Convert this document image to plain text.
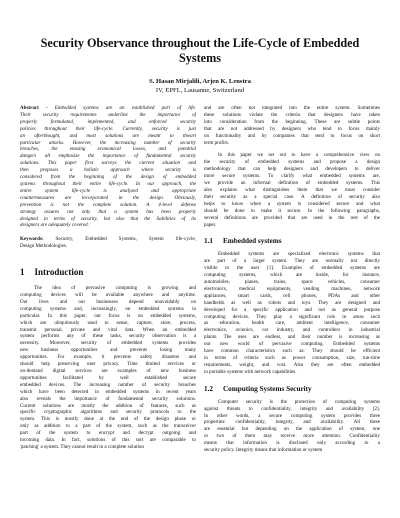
Security Observance throughout the Life-Cycle of Embedded Systems
S. Hasan Mirjalili, Arjen K. Lenstra
IV, EPFL, Lausanne, Switzerland

Abstract - Embedded systems are an established part of life.

Their security requirements underline the importance of

properly formulated, implemented, and enforced security

policies throughout their life-cycle. Currently, security is just

an afterthought, and most solutions are meant to thwart

particular attacks. However, the increasing number of security

breaches, the ensuing economical losses, and potential

dangers all emphasize the importance of fundamental security

solutions. This paper first surveys the current situation and

then proposes a holistic approach where security is

considered from the beginning of the design of embedded

systems throughout their entire life-cycle. In our approach, the

entire system life-cycle is analyzed and appropriate

countermeasures are incorporated in the design. Obviously,

prevention is not the complete solution. A 4-level defense

strategy assures not only that a system has been properly

designed in terms of security, but also that the liabilities of its

designers are adequately covered.

Keywords: Security, Embedded Systems, System life-cycle,

Design Methodologies.

1 Introduction

The idea of pervasive computing is growing and

computing devices will be available anywhere and anytime.

Our lives and our businesses depend unavoidably on

computing systems and, increasingly, on embedded systems in

particular. In this paper, our focus is on embedded systems,

which are ubiquitously used to sense, capture, store, process,

transmit personal, private and vital data. When an embedded

system performs any of these tasks, security observation is a

necessity. Moreover, security of embedded systems provides

new business opportunities and prevents losing many

opportunities. For example, it prevents safety disasters and

should help preserving user privacy. Time limited services or

on-demand digital services are examples of new business

opportunities facilitated by well established secure

embedded devices. The increasing number of security breaches

which have been detected in embedded systems in recent years

also reveals the importance of fundamental security solutions.

Current solutions are mostly the addition of features, such as

specific cryptographic algorithms and security protocols to the

system. This is mostly done at the end of the design phase or

only as addition to a part of the system, such as the transceiver

part of the system to encrypt and decrypt outgoing and

incoming data. In fact, solutions of this sort are comparable to

'patching' a system. They cannot result in a complete solution

and are often not integrated into the entire system. Sometimes

these solutions violate the criteria that designers have taken

into consideration from the beginning. These are subtle points

that are not addressed by designers who tend to focus mainly

on functionality and by companies that tend to focus on short

term profits.

In this paper we set out to have a comprehensive view on

the security of embedded systems and propose a design

methodology that can help designers and developers to deliver

more secure systems. To clarify what embedded systems are,

we provide an informal definition of embedded systems. This

also explains what distinguishes them that we must consider

their security as a special case. A definition of security also

helps to know when a system is considered secure and what

should be done to make it secure. In the following paragraphs,

several definitions are provided that are used in the rest of the

paper.

1.1 Embedded systems

Embedded systems are specialized electronic systems that

are part of a larger system. They are normally not directly

visible to the user [1]. Examples of embedded systems are

computing systems, which are inside, for instance,

automobiles, planes, trains, space vehicles, consumer

electronics, medical equipments, vending machines, network

appliances, smart cards, cell phones, PDAs and other

handhelds as well as robots and toys. They are designed and

developed for a specific application and not as general purpose

computing devices. They play a significant role in areas such

as education, health care, ambient intelligence, consumer

electronics, avionics, car industry, and controllers in industrial

plants. The uses are endless, and their number is increasing as

our new world of pervasive computing. Embedded systems

have common characteristics such as: They should be efficient

in terms of criteria such as power consumption, size, run-time

requirements, weight, and cost. Also they are often embedded

in portable systems with network capabilities.

1.2 Computing Systems Security

Computer security is the protection of computing systems

against threats to confidentiality, integrity and availability [2].

In other words, a secure computing system provides three

properties: confidentiality, integrity, and availability. All three

are essential but depending on the application of system, one

or two of them may receive more attention. Confidentiality

means that information is disclosed only according to a

security policy. Integrity means that information or system
